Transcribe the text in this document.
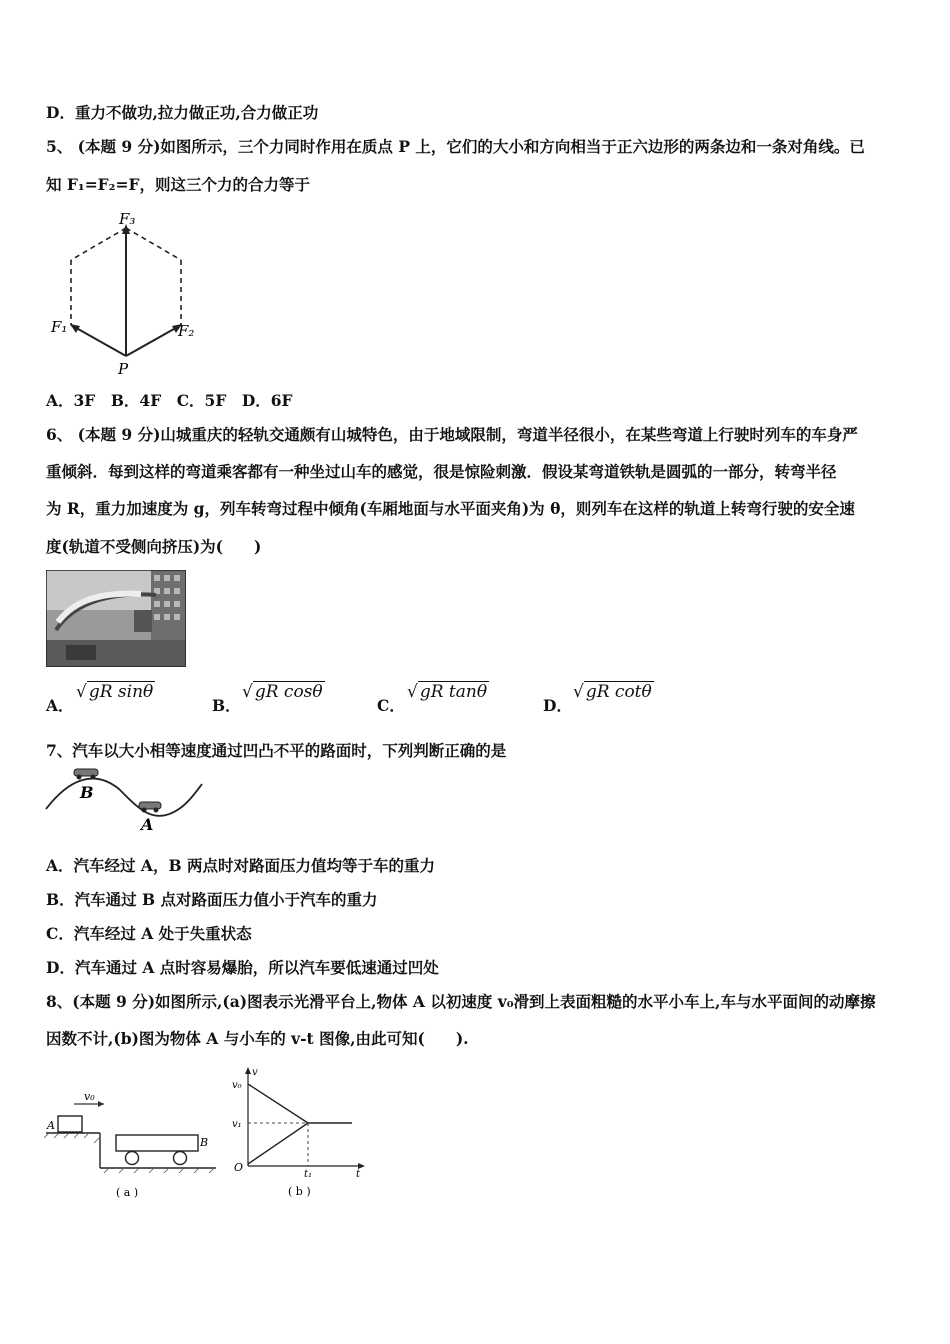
D．重力不做功,拉力做正功,合力做正功
5、 (本题 9 分)如图所示，三个力同时作用在质点 P 上，它们的大小和方向相当于正六边形的两条边和一条对角线。已
知 F₁=F₂=F，则这三个力的合力等于
F₃
F₁	F₂
P
A．3F　B．4F　C．5F　D．6F
6、 (本题 9 分)山城重庆的轻轨交通颇有山城特色，由于地域限制，弯道半径很小，在某些弯道上行驶时列车的车身严
重倾斜．每到这样的弯道乘客都有一种坐过山车的感觉，很是惊险刺激．假设某弯道铁轨是圆弧的一部分，转弯半径
为 R，重力加速度为 g，列车转弯过程中倾角(车厢地面与水平面夹角)为 θ，则列车在这样的轨道上转弯行驶的安全速
度(轨道不受侧向挤压)为(　　)
A．
√ gR sinθ
B．
√ gR cosθ
C．
√ gR tanθ
D．
√ gR cotθ
7、汽车以大小相等速度通过凹凸不平的路面时，下列判断正确的是
B
A
A．汽车经过 A，B 两点时对路面压力值均等于车的重力
B．汽车通过 B 点对路面压力值小于汽车的重力
C．汽车经过 A 处于失重状态
D．汽车通过 A 点时容易爆胎，所以汽车要低速通过凹处
8、(本题 9 分)如图所示,(a)图表示光滑平台上,物体 A 以初速度 v₀滑到上表面粗糙的水平小车上,车与水平面间的动摩擦
因数不计,(b)图为物体 A 与小车的 v-t 图像,由此可知(　　).
v₀
A
B
( a )
v
v₀
v₁
O
t₁	t
( b )
